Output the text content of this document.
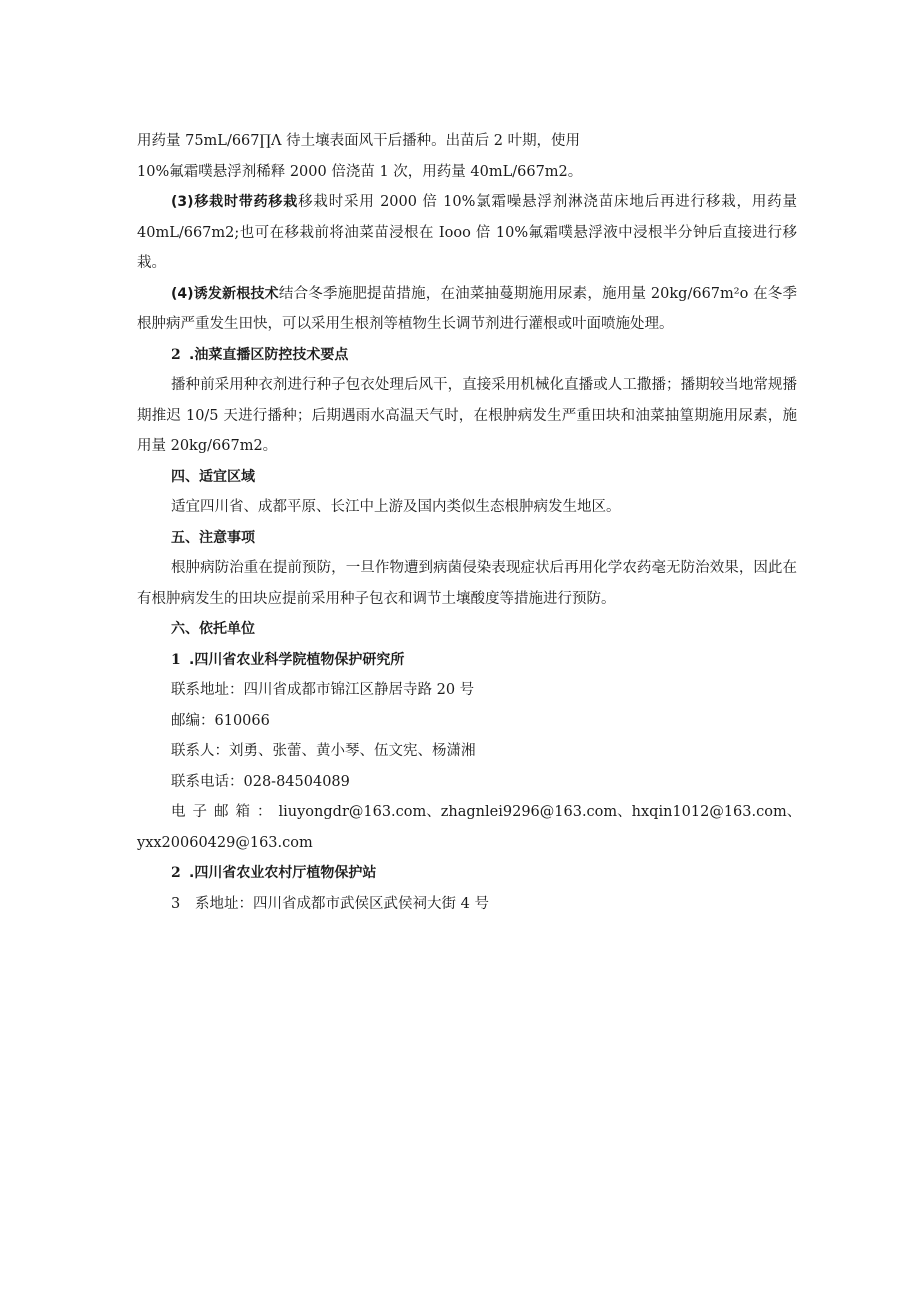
用药量 75mL/667∏Λ 待土壤表面风干后播种。出苗后 2 叶期，使用
10%氟霜噗悬浮剂稀释 2000 倍浇苗 1 次，用药量 40mL/667m2。

(3)移栽时带药移栽移栽时采用 2000 倍 10%氯霜噪悬浮剂淋浇苗床地后再进行移栽，用药量40mL/667m2;也可在移栽前将油菜苗浸根在 Iooo 倍 10%氟霜噗悬浮液中浸根半分钟后直接进行移栽。

(4)诱发新根技术结合冬季施肥提苗措施，在油菜抽蔓期施用尿素，施用量 20kg∕667m²o 在冬季根肿病严重发生田快，可以采用生根剂等植物生长调节剂进行灌根或叶面喷施处理。

2 .油菜直播区防控技术要点

播种前采用种衣剂进行种子包衣处理后风干，直接采用机械化直播或人工撒播；播期较当地常规播期推迟 10/5 天进行播种；后期遇雨水高温天气时，在根肿病发生严重田块和油菜抽篁期施用尿素，施用量 20kg/667m2。

四、适宜区域

适宜四川省、成都平原、长江中上游及国内类似生态根肿病发生地区。

五、注意事项

根肿病防治重在提前预防，一旦作物遭到病菌侵染表现症状后再用化学农药毫无防治效果，因此在有根肿病发生的田块应提前采用种子包衣和调节土壤酸度等措施进行预防。

六、依托单位
1 .四川省农业科学院植物保护研究所
联系地址：四川省成都市锦江区静居寺路 20 号
邮编：610066
联系人：刘勇、张蕾、黄小琴、伍文宪、杨潇湘
联系电话：028-84504089
电子邮箱： liuyongdr@163.com 、 zhagnlei9296@163.com 、 hxqin1012@163.com 、
yxx20060429@163.com
2 .四川省农业农村厅植物保护站
3 系地址：四川省成都市武侯区武侯祠大街 4 号
